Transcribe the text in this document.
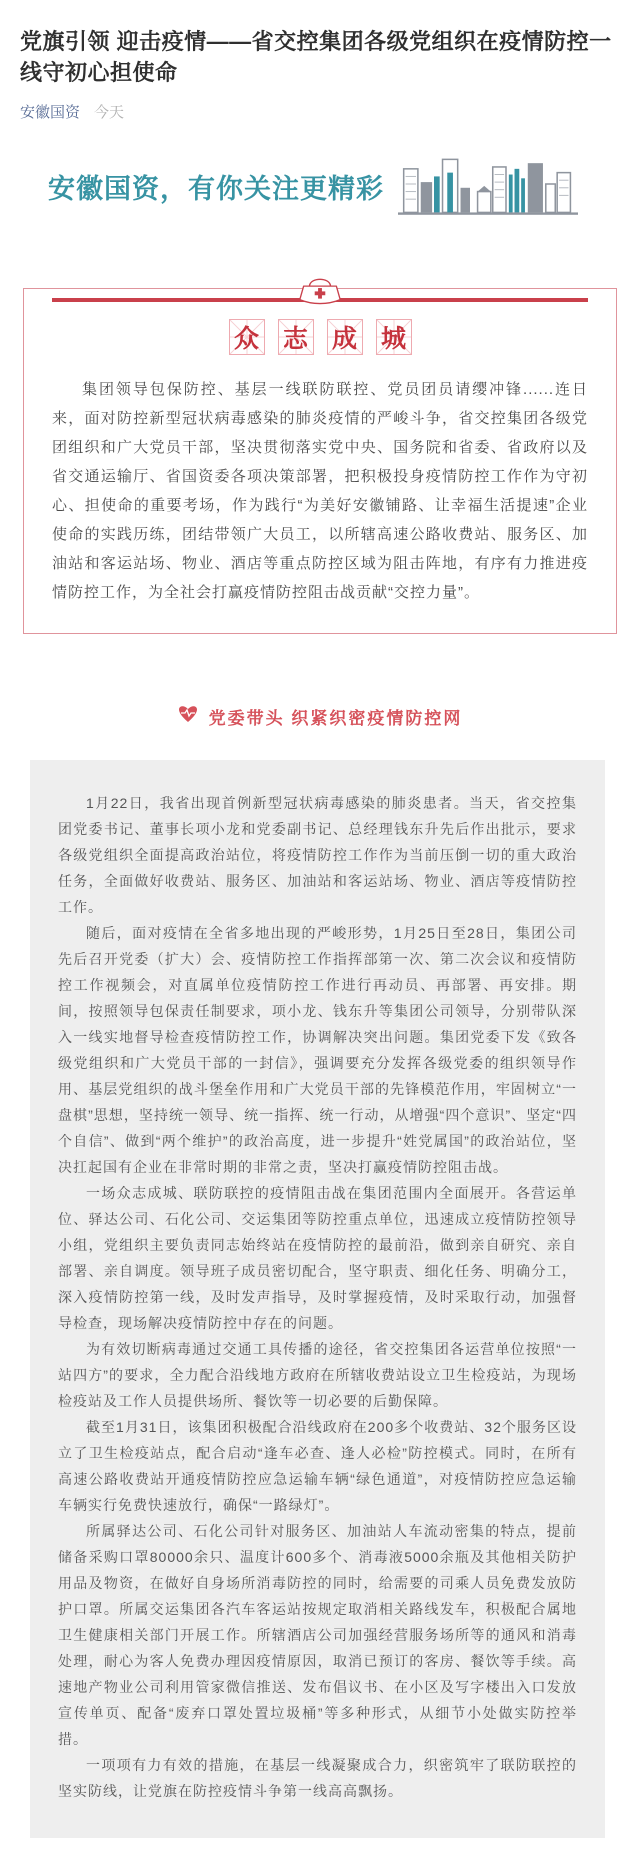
党旗引领 迎击疫情——省交控集团各级党组织在疫情防控一线守初心担使命
安徽国资 今天
安徽国资，有你关注更精彩
众 志 成 城

集团领导包保防控、基层一线联防联控、党员团员请缨冲锋......连日来，面对防控新型冠状病毒感染的肺炎疫情的严峻斗争，省交控集团各级党团组织和广大党员干部，坚决贯彻落实党中央、国务院和省委、省政府以及省交通运输厅、省国资委各项决策部署，把积极投身疫情防控工作作为守初心、担使命的重要考场，作为践行“为美好安徽铺路、让幸福生活提速”企业使命的实践历练，团结带领广大员工，以所辖高速公路收费站、服务区、加油站和客运站场、物业、酒店等重点防控区域为阻击阵地，有序有力推进疫情防控工作，为全社会打赢疫情防控阻击战贡献“交控力量”。

党委带头 织紧织密疫情防控网

1月22日，我省出现首例新型冠状病毒感染的肺炎患者。当天，省交控集团党委书记、董事长项小龙和党委副书记、总经理钱东升先后作出批示，要求各级党组织全面提高政治站位，将疫情防控工作作为当前压倒一切的重大政治任务，全面做好收费站、服务区、加油站和客运站场、物业、酒店等疫情防控工作。

随后，面对疫情在全省多地出现的严峻形势，1月25日至28日，集团公司先后召开党委（扩大）会、疫情防控工作指挥部第一次、第二次会议和疫情防控工作视频会，对直属单位疫情防控工作进行再动员、再部署、再安排。期间，按照领导包保责任制要求，项小龙、钱东升等集团公司领导，分别带队深入一线实地督导检查疫情防控工作，协调解决突出问题。集团党委下发《致各级党组织和广大党员干部的一封信》，强调要充分发挥各级党委的组织领导作用、基层党组织的战斗堡垒作用和广大党员干部的先锋模范作用，牢固树立“一盘棋”思想，坚持统一领导、统一指挥、统一行动，从增强“四个意识”、坚定“四个自信”、做到“两个维护”的政治高度，进一步提升“姓党属国”的政治站位，坚决扛起国有企业在非常时期的非常之责，坚决打赢疫情防控阻击战。

一场众志成城、联防联控的疫情阻击战在集团范围内全面展开。各营运单位、驿达公司、石化公司、交运集团等防控重点单位，迅速成立疫情防控领导小组，党组织主要负责同志始终站在疫情防控的最前沿，做到亲自研究、亲自部署、亲自调度。领导班子成员密切配合，坚守职责、细化任务、明确分工，深入疫情防控第一线，及时发声指导，及时掌握疫情，及时采取行动，加强督导检查，现场解决疫情防控中存在的问题。

为有效切断病毒通过交通工具传播的途径，省交控集团各运营单位按照“一站四方”的要求，全力配合沿线地方政府在所辖收费站设立卫生检疫站，为现场检疫站及工作人员提供场所、餐饮等一切必要的后勤保障。

截至1月31日，该集团积极配合沿线政府在200多个收费站、32个服务区设立了卫生检疫站点，配合启动“逢车必查、逢人必检”防控模式。同时，在所有高速公路收费站开通疫情防控应急运输车辆“绿色通道”，对疫情防控应急运输车辆实行免费快速放行，确保“一路绿灯”。

所属驿达公司、石化公司针对服务区、加油站人车流动密集的特点，提前储备采购口罩80000余只、温度计600多个、消毒液5000余瓶及其他相关防护用品及物资，在做好自身场所消毒防控的同时，给需要的司乘人员免费发放防护口罩。所属交运集团各汽车客运站按规定取消相关路线发车，积极配合属地卫生健康相关部门开展工作。所辖酒店公司加强经营服务场所等的通风和消毒处理，耐心为客人免费办理因疫情原因，取消已预订的客房、餐饮等手续。高速地产物业公司利用管家微信推送、发布倡议书、在小区及写字楼出入口发放宣传单页、配备“废弃口罩处置垃圾桶”等多种形式，从细节小处做实防控举措。

一项项有力有效的措施，在基层一线凝聚成合力，织密筑牢了联防联控的坚实防线，让党旗在防控疫情斗争第一线高高飘扬。
